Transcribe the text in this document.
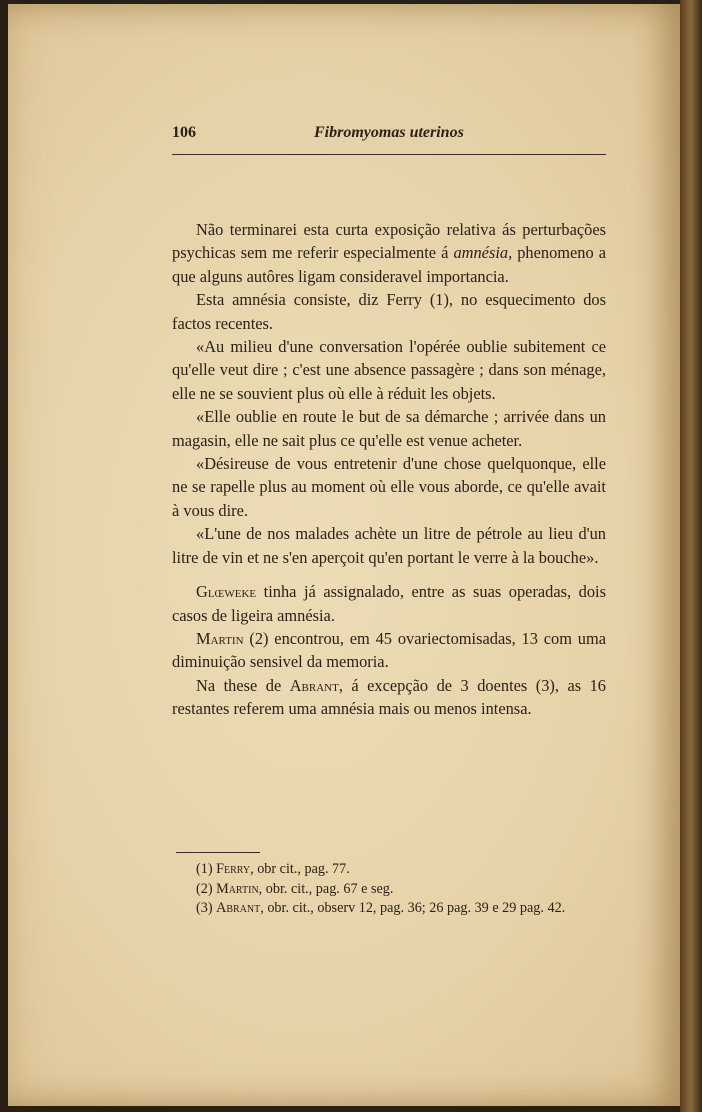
106	Fibromyomas uterinos

Não terminarei esta curta exposição relativa ás perturbações psychicas sem me referir especialmente á amnésia, phenomeno a que alguns autôres ligam consideravel importancia.

Esta amnésia consiste, diz Ferry (1), no esquecimento dos factos recentes.

«Au milieu d'une conversation l'opérée oublie subitement ce qu'elle veut dire ; c'est une absence passagère ; dans son ménage, elle ne se souvient plus où elle à réduit les objets.

«Elle oublie en route le but de sa démarche ; arrivée dans un magasin, elle ne sait plus ce qu'elle est venue acheter.

«Désireuse de vous entretenir d'une chose quelquonque, elle ne se rapelle plus au moment où elle vous aborde, ce qu'elle avait à vous dire.

«L'une de nos malades achète un litre de pétrole au lieu d'un litre de vin et ne s'en aperçoit qu'en portant le verre à la bouche».

Glœweke tinha já assignalado, entre as suas operadas, dois casos de ligeira amnésia.

Martin (2) encontrou, em 45 ovariectomisadas, 13 com uma diminuição sensivel da memoria.

Na these de Abrant, á excepção de 3 doentes (3), as 16 restantes referem uma amnésia mais ou menos intensa.

(1) Ferry, obr cit., pag. 77.

(2) Martin, obr. cit., pag. 67 e seg.

(3) Abrant, obr. cit., observ 12, pag. 36; 26 pag. 39 e 29 pag. 42.
